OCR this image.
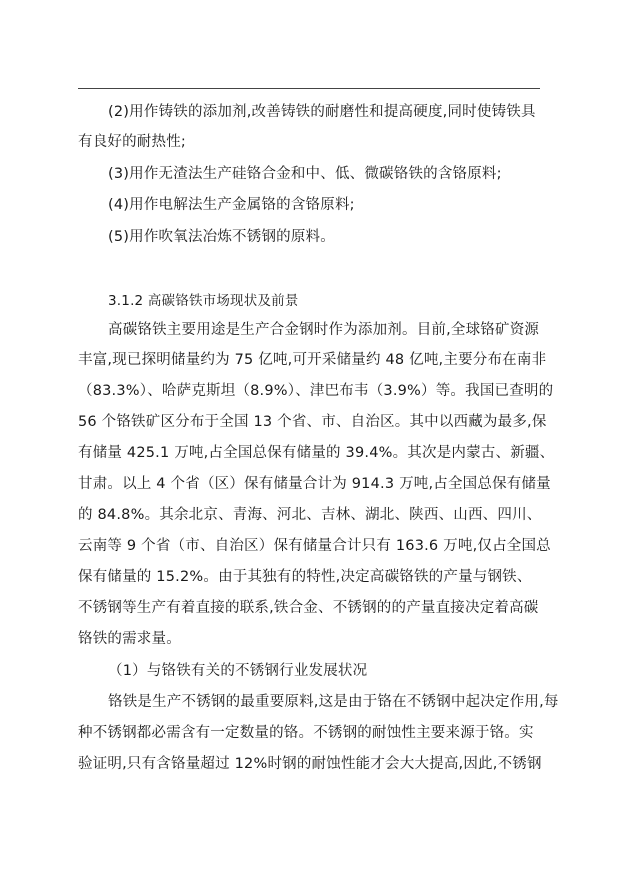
(2)用作铸铁的添加剂,改善铸铁的耐磨性和提高硬度,同时使铸铁具
有良好的耐热性;
(3)用作无渣法生产硅铬合金和中、低、微碳铬铁的含铬原料;
(4)用作电解法生产金属铬的含铬原料;
(5)用作吹氧法冶炼不锈钢的原料。
3.1.2 高碳铬铁市场现状及前景
高碳铬铁主要用途是生产合金钢时作为添加剂。目前,全球铬矿资源
丰富,现已探明储量约为 75 亿吨,可开采储量约 48 亿吨,主要分布在南非
（83.3%）、哈萨克斯坦（8.9%）、津巴布韦（3.9%）等。我国已查明的
56 个铬铁矿区分布于全国 13 个省、市、自治区。其中以西藏为最多,保
有储量 425.1 万吨,占全国总保有储量的 39.4%。其次是内蒙古、新疆、
甘肃。以上 4 个省（区）保有储量合计为 914.3 万吨,占全国总保有储量
的 84.8%。其余北京、青海、河北、吉林、湖北、陕西、山西、四川、
云南等 9 个省（市、自治区）保有储量合计只有 163.6 万吨,仅占全国总
保有储量的 15.2%。由于其独有的特性,决定高碳铬铁的产量与钢铁、
不锈钢等生产有着直接的联系,铁合金、不锈钢的的产量直接决定着高碳
铬铁的需求量。
（1）与铬铁有关的不锈钢行业发展状况
铬铁是生产不锈钢的最重要原料,这是由于铬在不锈钢中起决定作用,每
种不锈钢都必需含有一定数量的铬。不锈钢的耐蚀性主要来源于铬。实
验证明,只有含铬量超过 12%时钢的耐蚀性能才会大大提高,因此,不锈钢
